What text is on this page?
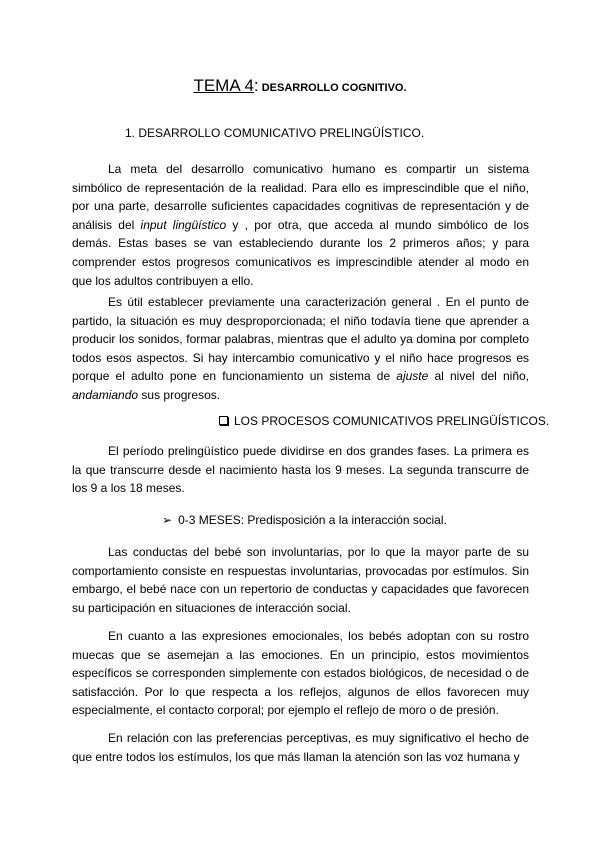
TEMA 4: DESARROLLO COGNITIVO.
1. DESARROLLO COMUNICATIVO PRELINGÜÍSTICO.

La meta del desarrollo comunicativo humano es compartir un sistema simbólico de representación de la realidad. Para ello es imprescindible que el niño, por una parte, desarrolle suficientes capacidades cognitivas de representación y de análisis del input lingüístico y , por otra, que acceda al mundo simbólico de los demás. Estas bases se van estableciendo durante los 2 primeros años; y para comprender estos progresos comunicativos es imprescindible atender al modo en que los adultos contribuyen a ello.

Es útil establecer previamente una caracterización general . En el punto de partido, la situación es muy desproporcionada; el niño todavía tiene que aprender a producir los sonidos, formar palabras, mientras que el adulto ya domina por completo todos esos aspectos. Si hay intercambio comunicativo y el niño hace progresos es porque el adulto pone en funcionamiento un sistema de ajuste al nivel del niño, andamiando sus progresos.

LOS PROCESOS COMUNICATIVOS PRELINGÜÍSTICOS.

El período prelingüístico puede dividirse en dos grandes fases. La primera es la que transcurre desde el nacimiento hasta los 9 meses. La segunda transcurre de los 9 a los 18 meses.

➢ 0-3 MESES: Predisposición a la interacción social.

Las conductas del bebé son involuntarias, por lo que la mayor parte de su comportamiento consiste en respuestas involuntarias, provocadas por estímulos. Sin embargo, el bebé nace con un repertorio de conductas y capacidades que favorecen su participación en situaciones de interacción social.

En cuanto a las expresiones emocionales, los bebés adoptan con su rostro muecas que se asemejan a las emociones. En un principio, estos movimientos específicos se corresponden simplemente con estados biológicos, de necesidad o de satisfacción. Por lo que respecta a los reflejos, algunos de ellos favorecen muy especialmente, el contacto corporal; por ejemplo el reflejo de moro o de presión.

En relación con las preferencias perceptivas, es muy significativo el hecho de que entre todos los estímulos, los que más llaman la atención son las voz humana y
